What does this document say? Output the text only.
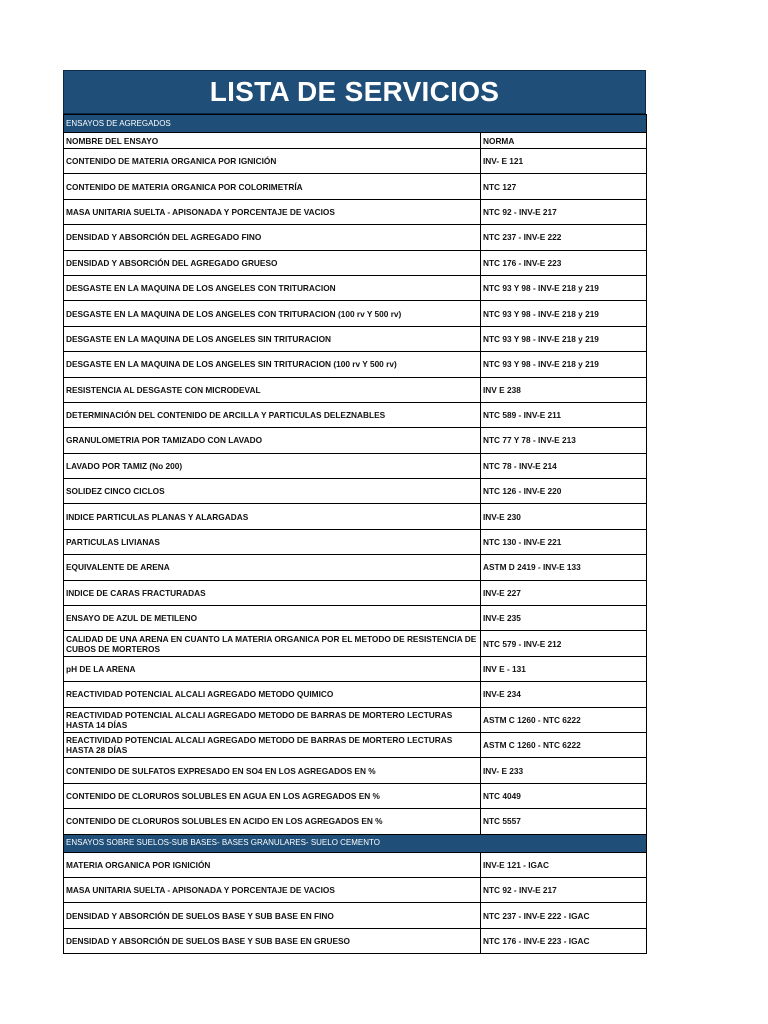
LISTA DE SERVICIOS
ENSAYOS DE AGREGADOS	
NOMBRE DEL ENSAYO	NORMA
CONTENIDO DE MATERIA ORGANICA POR IGNICIÓN	INV- E 121
CONTENIDO DE MATERIA ORGANICA POR COLORIMETRÍA	NTC 127
MASA UNITARIA SUELTA - APISONADA Y PORCENTAJE DE VACIOS	NTC 92 - INV-E 217
DENSIDAD Y ABSORCIÓN DEL AGREGADO FINO	NTC 237 - INV-E 222
DENSIDAD Y ABSORCIÓN DEL AGREGADO GRUESO	NTC 176 - INV-E 223
DESGASTE EN LA MAQUINA DE LOS ANGELES CON TRITURACION	NTC 93 Y 98 - INV-E 218 y 219
DESGASTE EN LA MAQUINA DE LOS ANGELES CON TRITURACION (100 rv Y 500 rv)	NTC 93 Y 98 - INV-E 218 y 219
DESGASTE EN LA MAQUINA DE LOS ANGELES SIN TRITURACION	NTC 93 Y 98 - INV-E 218 y 219
DESGASTE EN LA MAQUINA DE LOS ANGELES SIN TRITURACION (100 rv Y 500 rv)	NTC 93 Y 98 - INV-E 218 y 219
RESISTENCIA AL DESGASTE CON MICRODEVAL	INV E 238
DETERMINACIÓN DEL CONTENIDO DE ARCILLA Y PARTICULAS DELEZNABLES	NTC 589 - INV-E 211
GRANULOMETRIA POR TAMIZADO CON LAVADO	NTC 77 Y 78 - INV-E 213
LAVADO POR TAMIZ (No 200)	NTC 78 - INV-E 214
SOLIDEZ CINCO CICLOS	NTC 126 - INV-E 220
INDICE PARTICULAS PLANAS Y ALARGADAS	INV-E 230
PARTICULAS LIVIANAS	NTC 130 - INV-E 221
EQUIVALENTE DE ARENA	ASTM D 2419 - INV-E 133
INDICE DE CARAS FRACTURADAS	INV-E 227
ENSAYO DE AZUL DE METILENO	INV-E 235
CALIDAD DE UNA ARENA EN CUANTO LA MATERIA ORGANICA POR EL METODO DE RESISTENCIA DE CUBOS DE MORTEROS	NTC 579 - INV-E 212
pH DE LA ARENA	INV E - 131
REACTIVIDAD POTENCIAL ALCALI AGREGADO METODO QUIMICO	INV-E 234
REACTIVIDAD POTENCIAL ALCALI AGREGADO METODO DE BARRAS DE MORTERO LECTURAS HASTA 14 DÍAS	ASTM C 1260 - NTC 6222
REACTIVIDAD POTENCIAL ALCALI AGREGADO METODO DE BARRAS DE MORTERO LECTURAS HASTA 28 DÍAS	ASTM C 1260 - NTC 6222
CONTENIDO DE SULFATOS EXPRESADO EN SO4 EN LOS AGREGADOS EN %	INV- E 233
CONTENIDO DE CLORUROS SOLUBLES EN AGUA EN LOS AGREGADOS EN %	NTC 4049
CONTENIDO DE CLORUROS SOLUBLES EN ACIDO EN LOS AGREGADOS EN %	NTC 5557
ENSAYOS SOBRE SUELOS-SUB BASES- BASES GRANULARES- SUELO CEMENTO	
MATERIA ORGANICA POR IGNICIÓN	INV-E 121 - IGAC
MASA UNITARIA SUELTA - APISONADA Y PORCENTAJE DE VACIOS	NTC 92 - INV-E 217
DENSIDAD Y ABSORCIÓN DE SUELOS BASE Y SUB BASE EN FINO	NTC 237 - INV-E 222 - IGAC
DENSIDAD Y ABSORCIÓN DE SUELOS BASE Y SUB BASE EN GRUESO	NTC 176 - INV-E 223 - IGAC
